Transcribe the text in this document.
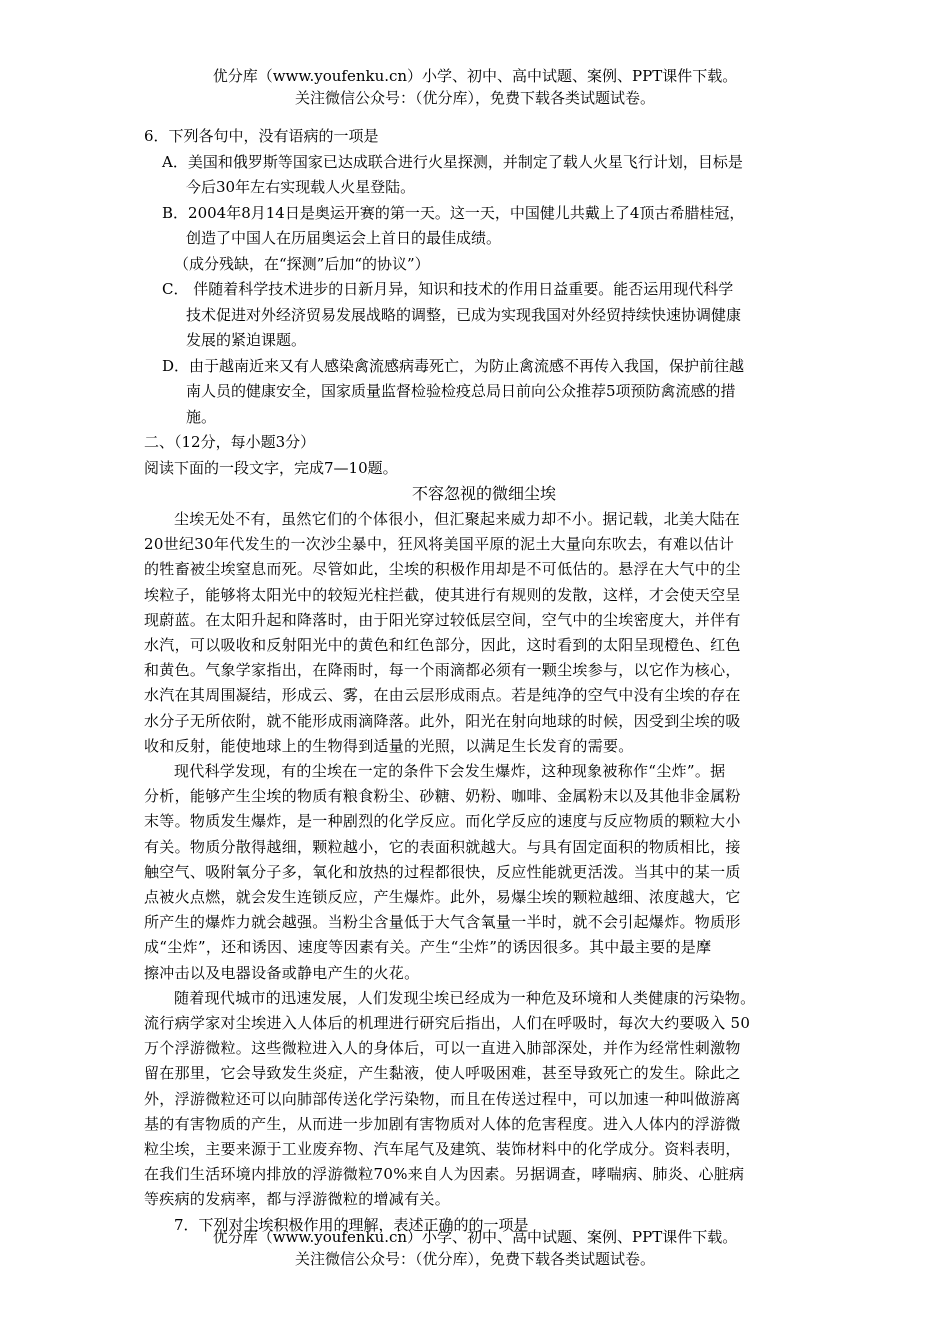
优分库（www.youfenku.cn）小学、初中、高中试题、案例、PPT课件下载。
关注微信公众号：（优分库），免费下载各类试题试卷。
6．下列各句中，没有语病的一项是
A．美国和俄罗斯等国家已达成联合进行火星探测，并制定了载人火星飞行计划，目标是
今后30年左右实现载人火星登陆。
B．2004年8月14日是奥运开赛的第一天。这一天，中国健儿共戴上了4顶古希腊桂冠，
创造了中国人在历届奥运会上首日的最佳成绩。
（成分残缺，在“探测”后加“的协议”）
C． 伴随着科学技术进步的日新月异，知识和技术的作用日益重要。能否运用现代科学
技术促进对外经济贸易发展战略的调整，已成为实现我国对外经贸持续快速协调健康
发展的紧迫课题。
D．由于越南近来又有人感染禽流感病毒死亡，为防止禽流感不再传入我国，保护前往越
南人员的健康安全，国家质量监督检验检疫总局日前向公众推荐5项预防禽流感的措
施。
二、（12分，每小题3分）
阅读下面的一段文字，完成7—10题。
不容忽视的微细尘埃
尘埃无处不有，虽然它们的个体很小，但汇聚起来威力却不小。据记载，北美大陆在
20世纪30年代发生的一次沙尘暴中，狂风将美国平原的泥土大量向东吹去，有难以估计
的牲畜被尘埃窒息而死。尽管如此，尘埃的积极作用却是不可低估的。悬浮在大气中的尘
埃粒子，能够将太阳光中的较短光柱拦截，使其进行有规则的发散，这样，才会使天空呈
现蔚蓝。在太阳升起和降落时，由于阳光穿过较低层空间，空气中的尘埃密度大，并伴有
水汽，可以吸收和反射阳光中的黄色和红色部分，因此，这时看到的太阳呈现橙色、红色
和黄色。气象学家指出，在降雨时，每一个雨滴都必须有一颗尘埃参与，以它作为核心，
水汽在其周围凝结，形成云、雾，在由云层形成雨点。若是纯净的空气中没有尘埃的存在
水分子无所依附，就不能形成雨滴降落。此外，阳光在射向地球的时候，因受到尘埃的吸
收和反射，能使地球上的生物得到适量的光照，以满足生长发育的需要。
现代科学发现，有的尘埃在一定的条件下会发生爆炸，这种现象被称作“尘炸”。据
分析，能够产生尘埃的物质有粮食粉尘、砂糖、奶粉、咖啡、金属粉末以及其他非金属粉
末等。物质发生爆炸，是一种剧烈的化学反应。而化学反应的速度与反应物质的颗粒大小
有关。物质分散得越细，颗粒越小，它的表面积就越大。与具有固定面积的物质相比，接
触空气、吸附氧分子多，氧化和放热的过程都很快，反应性能就更活泼。当其中的某一质
点被火点燃，就会发生连锁反应，产生爆炸。此外，易爆尘埃的颗粒越细、浓度越大，它
所产生的爆炸力就会越强。当粉尘含量低于大气含氧量一半时，就不会引起爆炸。物质形
成“尘炸”，还和诱因、速度等因素有关。产生“尘炸”的诱因很多。其中最主要的是摩
擦冲击以及电器设备或静电产生的火花。
随着现代城市的迅速发展，人们发现尘埃已经成为一种危及环境和人类健康的污染物。
流行病学家对尘埃进入人体后的机理进行研究后指出，人们在呼吸时，每次大约要吸入 50
万个浮游微粒。这些微粒进入人的身体后，可以一直进入肺部深处，并作为经常性刺激物
留在那里，它会导致发生炎症，产生黏液，使人呼吸困难，甚至导致死亡的发生。除此之
外，浮游微粒还可以向肺部传送化学污染物，而且在传送过程中，可以加速一种叫做游离
基的有害物质的产生，从而进一步加剧有害物质对人体的危害程度。进入人体内的浮游微
粒尘埃，主要来源于工业废弃物、汽车尾气及建筑、装饰材料中的化学成分。资料表明，
在我们生活环境内排放的浮游微粒70%来自人为因素。另据调查，哮喘病、肺炎、心脏病
等疾病的发病率，都与浮游微粒的增减有关。
7．下列对尘埃积极作用的理解，表述正确的的一项是
优分库（www.youfenku.cn）小学、初中、高中试题、案例、PPT课件下载。
关注微信公众号：（优分库），免费下载各类试题试卷。
